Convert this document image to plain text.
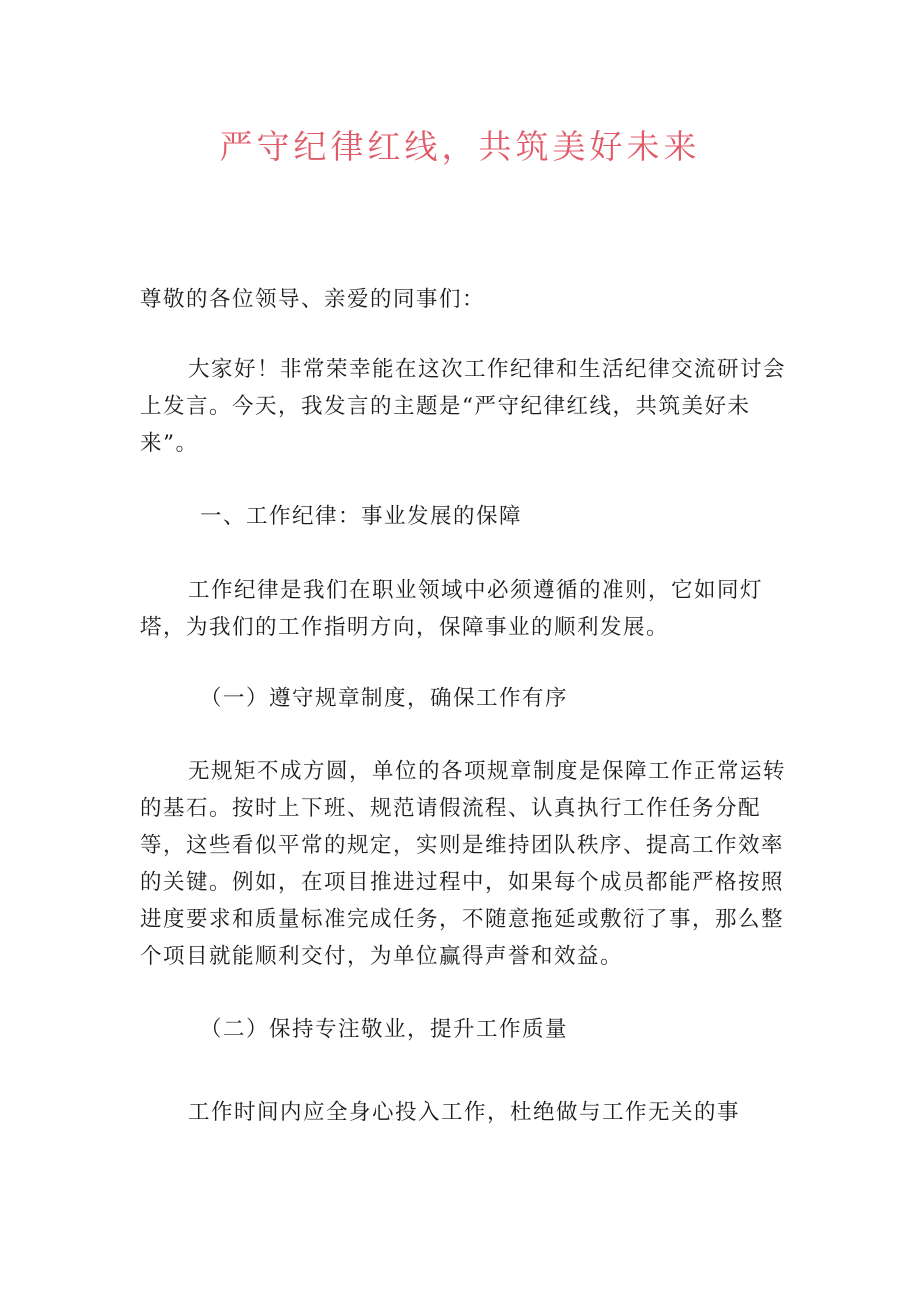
严守纪律红线，共筑美好未来

尊敬的各位领导、亲爱的同事们：

大家好！非常荣幸能在这次工作纪律和生活纪律交流研讨会上发言。今天，我发言的主题是“严守纪律红线，共筑美好未来”。

一、工作纪律：事业发展的保障

工作纪律是我们在职业领域中必须遵循的准则，它如同灯塔，为我们的工作指明方向，保障事业的顺利发展。

（一）遵守规章制度，确保工作有序

无规矩不成方圆，单位的各项规章制度是保障工作正常运转的基石。按时上下班、规范请假流程、认真执行工作任务分配等，这些看似平常的规定，实则是维持团队秩序、提高工作效率的关键。例如，在项目推进过程中，如果每个成员都能严格按照进度要求和质量标准完成任务，不随意拖延或敷衍了事，那么整个项目就能顺利交付，为单位赢得声誉和效益。

（二）保持专注敬业，提升工作质量

工作时间内应全身心投入工作，杜绝做与工作无关的事
